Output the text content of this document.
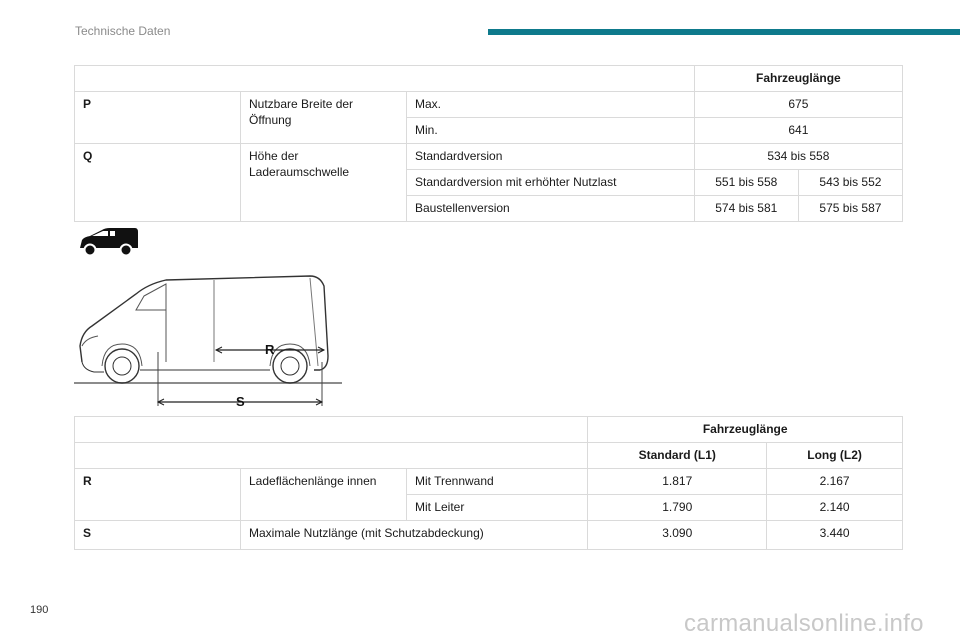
Technische Daten
			Fahrzeuglänge	
P	Nutzbare Breite der Öffnung	Max.	675	
		Min.	641	
Q	Höhe der Laderaumschwelle	Standardversion	534 bis 558	
		Standardversion mit erhöhter Nutzlast	551 bis 558	543 bis 552
		Baustellenversion	574 bis 581	575 bis 587
R
S
			Fahrzeuglänge	
			Standard (L1)	Long (L2)
R	Ladeflächenlänge innen	Mit Trennwand	1.817	2.167
		Mit Leiter	1.790	2.140
S	Maximale Nutzlänge (mit Schutzabdeckung)		3.090	3.440
190	carmanualsonline.info
